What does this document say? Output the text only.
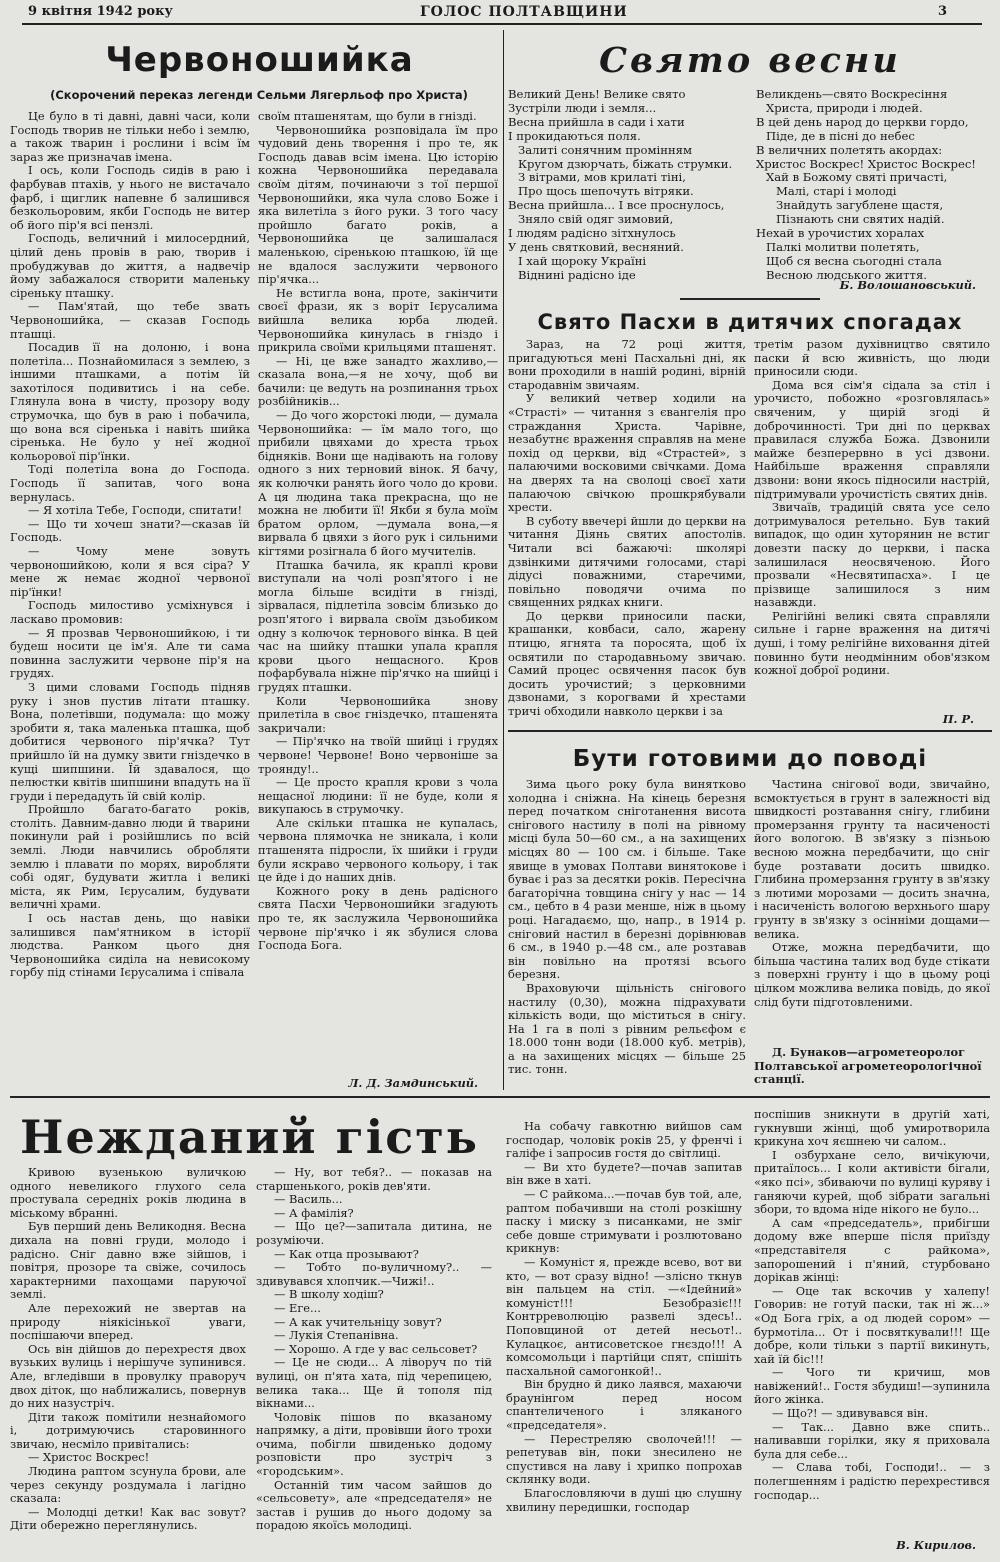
9 квітня 1942 року	ГОЛОС ПОЛТАВЩИНИ	3
Червоношийка
(Скорочений переказ легенди Сельми Лягерльоф про Христа)

Це було в ті давні, давні часи, коли Господь творив не тільки небо і землю, а також тварин і рослини і всім їм зараз же призначав імена.

І ось, коли Господь сидів в раю і фарбував птахів, у нього не вистачало фарб, і щиглик напевне б залишився безкольоровим, якби Господь не витер об його пір'я всі пензлі.

Господь, величний і милосердний, цілий день провів в раю, творив і пробуджував до життя, а надвечір йому забажалося створити маленьку сіреньку пташку.

— Пам'ятай, що тебе звать Червоношийка, — сказав Господь пташці.

Посадив її на долоню, і вона полетіла... Познайомилася з землею, з іншими пташками, а потім їй захотілося подивитись і на себе. Глянула вона в чисту, прозору воду струмочка, що був в раю і побачила, що вона вся сіренька і навіть шийка сіренька. Не було у неї жодної кольорової пір'їнки.

Тоді полетіла вона до Господа. Господь її запитав, чого вона вернулась.

— Я хотіла Тебе, Господи, спитати!

— Що ти хочеш знати?—сказав їй Господь.

— Чому мене зовуть червоношийкою, коли я вся сіра? У мене ж немає жодної червоної пір'їнки!

Господь милостиво усміхнувся і ласкаво промовив:

— Я прозвав Червоношийкою, і ти будеш носити це ім'я. Але ти сама повинна заслужити червоне пір'я на грудях.

З цими словами Господь підняв руку і знов пустив літати пташку. Вона, полетівши, подумала: що можу зробити я, така маленька пташка, щоб добитися червоного пір'ячка? Тут прийшло їй на думку звити гніздечко в кущі шипшини. Їй здавалося, що пелюстки квітів шипшини впадуть на її груди і передадуть їй свій колір.

Пройшло багато-багато років, століть. Давним-давно люди й тварини покинули рай і розійшлись по всій землі. Люди навчились обробляти землю і плавати по морях, виробляти собі одяг, будувати житла і великі міста, як Рим, Ієрусалим, будувати величні храми.

І ось настав день, що навіки залишився пам'ятником в історії людства. Ранком цього дня Червоношийка сиділа на невисокому горбу під стінами Ієрусалима і співала

своїм пташенятам, що були в гнізді.

Червоношийка розповідала їм про чудовий день творення і про те, як Господь давав всім імена. Цю історію кожна Червоношийка передавала своїм дітям, починаючи з тої першої Червоношийки, яка чула слово Боже і яка вилетіла з його руки. З того часу пройшло багато років, а Червоношийка це залишалася маленькою, сіренькою пташкою, їй ще не вдалося заслужити червоного пір'ячка...

Не встигла вона, проте, закінчити своєї фрази, як з воріт Ієрусалима вийшла велика юрба людей. Червоношийка кинулась в гніздо і прикрила своїми крильцями пташенят.

— Ні, це вже занадто жахливо,—сказала вона,—я не хочу, щоб ви бачили: це ведуть на розпинання трьох розбійників...

— До чого жорстокі люди, — думала Червоношийка: — їм мало того, що прибили цвяхами до хреста трьох бідняків. Вони ще надівають на голову одного з них терновий вінок. Я бачу, як колючки ранять його чоло до крови. А ця людина така прекрасна, що не можна не любити її! Якби я була моїм братом орлом, —думала вона,—я вирвала б цвяхи з його рук і сильними кігтями розігнала б його мучителів.

Пташка бачила, як краплі крови виступали на чолі розп'ятого і не могла більше всидіти в гнізді, зірвалася, підлетіла зовсім близько до розп'ятого і вирвала своїм дзьобиком одну з колючок тернового вінка. В цей час на шийку пташки упала крапля крови цього нещасного. Кров пофарбувала ніжне пір'ячко на шийці і грудях пташки.

Коли Червоношийка знову прилетіла в своє гніздечко, пташенята закричали:

— Пір'ячко на твоїй шийці і грудях червоне! Червоне! Воно червоніше за троянду!..

— Це просто крапля крови з чола нещасної людини: її не буде, коли я викупаюсь в струмочку.

Але скільки пташка не купалась, червона плямочка не зникала, і коли пташенята підросли, їх шийки і груди були яскраво червоного кольору, і так це йде і до наших днів.

Кожного року в день радісного свята Пасхи Червоношийки згадують про те, як заслужила Червоношийка червоне пір'ячко і як збулися слова Господа Бога.

Л. Д. Замдинський.
Свято весни
Великий День! Велике свято
Зустріли люди і земля...
Весна прийшла в сади і хати
І прокидаються поля.
Залиті сонячним промінням
Кругом дзюрчать, біжать струмки.
З вітрами, мов крилаті тіні,
Про щось шепочуть вітряки.
Весна прийшла... І все проснулось,
Зняло свій одяг зимовий,
І людям радісно зітхнулось
У день святковий, весняний.
І хай щороку Україні
Віднині радісно іде
Великдень—свято Воскресіння
Христа, природи і людей.
В цей день народ до церкви гордо,
Піде, де в пісні до небес
В величних полетять акордах:
Христос Воскрес! Христос Воскрес!
Хай в Божому святі причасті,
Малі, старі і молоді
Знайдуть загублене щастя,
Пізнають сни святих надій.
Нехай в урочистих хоралах
Палкі молитви полетять,
Щоб ся весна сьогодні стала
Весною людського життя.
Б. Волошановський.
Свято Пасхи в дитячих спогадах

Зараз, на 72 році життя, пригадуються мені Пасхальні дні, як вони проходили в нашій родині, вірній стародавнім звичаям.

У великий четвер ходили на «Страсті» — читання з євангелія про страждання Христа. Чарівне, незабутнє враження справляв на мене похід од церкви, від «Страстей», з палаючими восковими свічками. Дома на дверях та на сволоці своєї хати палаючою свічкою прошкрябували хрести.

В суботу ввечері йшли до церкви на читання Діянь святих апостолів. Читали всі бажаючі: школярі дзвінкими дитячими голосами, старі дідусі поважними, старечими, повільно поводячи очима по священних рядках книги.

До церкви приносили паски, крашанки, ковбаси, сало, жарену птицю, ягнята та поросята, щоб їх освятили по стародавньому звичаю. Самий процес освячення пасок був досить урочистий; з церковними дзвонами, з корогвами й хрестами тричі обходили навколо церкви і за

третім разом духівництво святило паски й всю живність, що люди приносили сюди.

Дома вся сім'я сідала за стіл і урочисто, побожно «розговлялась» свяченим, у щирій згоді й доброчинності. Три дні по церквах правилася служба Божа. Дзвонили майже безперервно в усі дзвони. Найбільше враження справляли дзвони: вони якось підносили настрій, підтримували урочистість святих днів.

Звичаїв, традицій свята усе село дотримувалося ретельно. Був такий випадок, що один хуторянин не встиг довезти паску до церкви, і паска залишилася неосвяченою. Його прозвали «Несвятипасха». І це прізвище залишилося з ним назавжди.

Релігійні великі свята справляли сильне і гарне враження на дитячі душі, і тому релігійне виховання дітей повинно бути неодмінним обов'язком кожної доброї родини.

П. Р.
Бути готовими до поводі

Зима цього року була винятково холодна і сніжна. На кінець березня перед початком сніготанення висота снігового настилу в полі на рівному місці була 50—60 см., а на захищених місцях 80 — 100 см. і більше. Таке явище в умовах Полтави винятокове і буває і раз за десятки років. Пересічна багаторічна товщина снігу у нас — 14 см., цебто в 4 рази менше, ніж в цьому році. Нагадаємо, що, напр., в 1914 р. сніговий настил в березні дорівнював 6 см., в 1940 р.—48 см., але розтавав він повільно на протязі всього березня.

Враховуючи щільність снігового настилу (0,30), можна підрахувати кількість води, що міститься в снігу. На 1 га в полі з рівним рельєфом є 18.000 тонн води (18.000 куб. метрів), а на захищених місцях — більше 25 тис. тонн.

Частина снігової води, звичайно, всмоктується в грунт в залежності від швидкості розтавання снігу, глибини промерзання грунту та насиченості його вологою. В зв'язку з пізньою весною можна передбачити, що сніг буде розтавати досить швидко. Глибина промерзання грунту в зв'язку з лютими морозами — досить значна, і насиченість вологою верхнього шару грунту в зв'язку з осінніми дощами—велика.

Отже, можна передбачити, що більша частина талих вод буде стікати з поверхні грунту і що в цьому році цілком можлива велика повідь, до якої слід бути підготовленими.

Д. Бунаков—агрометеоролог Полтавської агрометеорологічної станції.
Нежданий гість

Кривою вузенькою вуличкою одного невеликого глухого села простувала середніх років людина в міському вбранні.

Був перший день Великодня. Весна дихала на повні груди, молодо і радісно. Сніг давно вже зійшов, і повітря, прозоре та свіже, сочилось характерними пахощами паруючої землі.

Але перехожий не звертав на природу ніякісінької уваги, поспішаючи вперед.

Ось він дійшов до перехрестя двох вузьких вулиць і нерішуче зупинився. Але, вгледівши в провулку праворуч двох діток, що наближались, повернув до них назустріч.

Діти також помітили незнайомого і, дотримуючись старовинного звичаю, несміло привітались:

— Христос Воскрес!

Людина раптом зсунула брови, але через секунду роздумала і лагідно сказала:

— Молодці детки! Как вас зовут? Діти обережно переглянулись.

— Ну, вот тебя?.. — показав на старшенького, років дев'яти.

— Василь...

— А фамілія?

— Що це?—запитала дитина, не розуміючи.

— Как отца прозывают?

— Тобто по-вуличному?.. — здивувався хлопчик.—Чижі!..

— В школу ходіш?

— Еге...

— А как учительніцу зовут?

— Лукія Степанівна.

— Хорошо. А где у вас сельсовет?

— Це не сюди... А ліворуч по тій вулиці, он п'ята хата, під черепицею, велика така... Ще й тополя під вікнами...

Чоловік пішов по вказаному напрямку, а діти, провівши його трохи очима, побігли швиденько додому розповісти про зустріч з «городським».

Останній тим часом зайшов до «сельсовету», але «председателя» не застав і рушив до нього додому за порадою якоїсь молодиці.

На собачу гавкотню вийшов сам господар, чоловік років 25, у френчі і галіфе і запросив гостя до світлиці.

— Ви хто будете?—почав запитав він вже в хаті.

— С райкома...—почав був той, але, раптом побачивши на столі розкішну паску і миску з писанками, не зміг себе довше стримувати і розлютовано крикнув:

— Комуніст я, прежде всево, вот ви кто, — вот сразу відно! —злісно ткнув він пальцем на стіл. —«Ідейний» комуніст!!! Безобразіє!!! Контрреволюцію развелі здесь!.. Поповщиной от детей несьот!.. Кулацкоє, антисоветское гнєздо!!! А комсомольци і партійци спят, спішіть пасхальной самогонкой!..

Він брудно й дико лаявся, махаючи браунінгом перед носом спантеличеного і зляканого «председателя».

— Перестреляю сволочей!!! —репетував він, поки знесилено не спустився на лаву і хрипко попрохав склянку води.

Благословляючи в душі цю слушну хвилину передишки, господар

поспішив зникнути в другій хаті, гукнувши жінці, щоб умиротворила крикуна хоч яєшнею чи салом..

І озбурхане село, вичікуючи, притаїлось... І коли активісти бігали, «яко псі», збиваючи по вулиці куряву і ганяючи курей, щоб зібрати загальні збори, то вдома ніде нікого не було...

А сам «председатель», прибігши додому вже вперше після приїзду «представітеля с райкома», запорошений і п'яний, стурбовано дорікав жінці:

— Оце так вскочив у халепу! Говорив: не готуй паски, так ні ж...» «Од Бога гріх, а од людей сором» —бурмотіла... От і посвяткували!!! Ще добре, коли тільки з партії викинуть, хай їй біс!!!

— Чого ти кричиш, мов навіжений!.. Гостя збудиш!—зупинила його жінка.

— Що?! — здивувався він.

— Так... Давно вже спить.. наливавши горілки, яку я приховала була для себе...

— Слава тобі, Господи!.. — з полегшенням і радістю перехрестився господар...

В. Кирилов.
